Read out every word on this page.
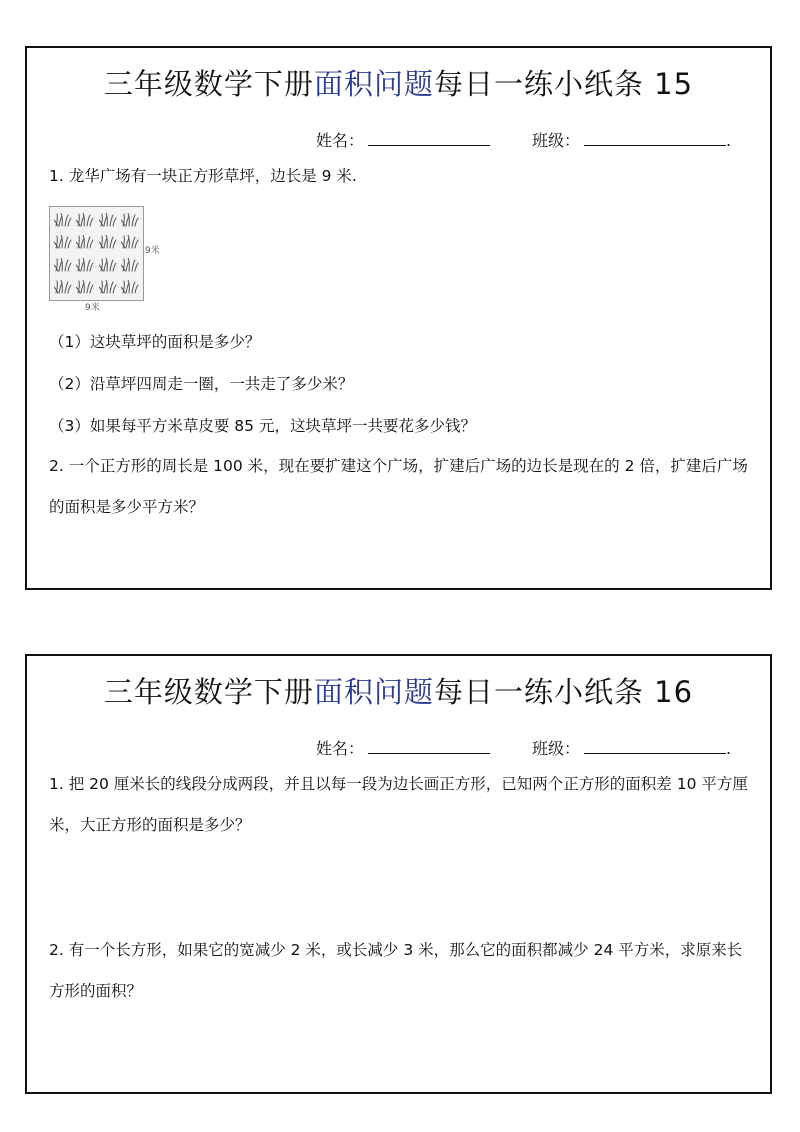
三年级数学下册面积问题每日一练小纸条 15
姓名：	班级：	.
1. 龙华广场有一块正方形草坪，边长是 9 米.
9米
9米
（1）这块草坪的面积是多少？
（2）沿草坪四周走一圈，一共走了多少米？
（3）如果每平方米草皮要 85 元，这块草坪一共要花多少钱？
2. 一个正方形的周长是 100 米，现在要扩建这个广场，扩建后广场的边长是现在的 2 倍，扩建后广场的面积是多少平方米？
三年级数学下册面积问题每日一练小纸条 16
姓名：	班级：	.
1. 把 20 厘米长的线段分成两段，并且以每一段为边长画正方形，已知两个正方形的面积差 10 平方厘米，大正方形的面积是多少？
2. 有一个长方形，如果它的宽减少 2 米，或长减少 3 米，那么它的面积都减少 24 平方米，求原来长方形的面积？
